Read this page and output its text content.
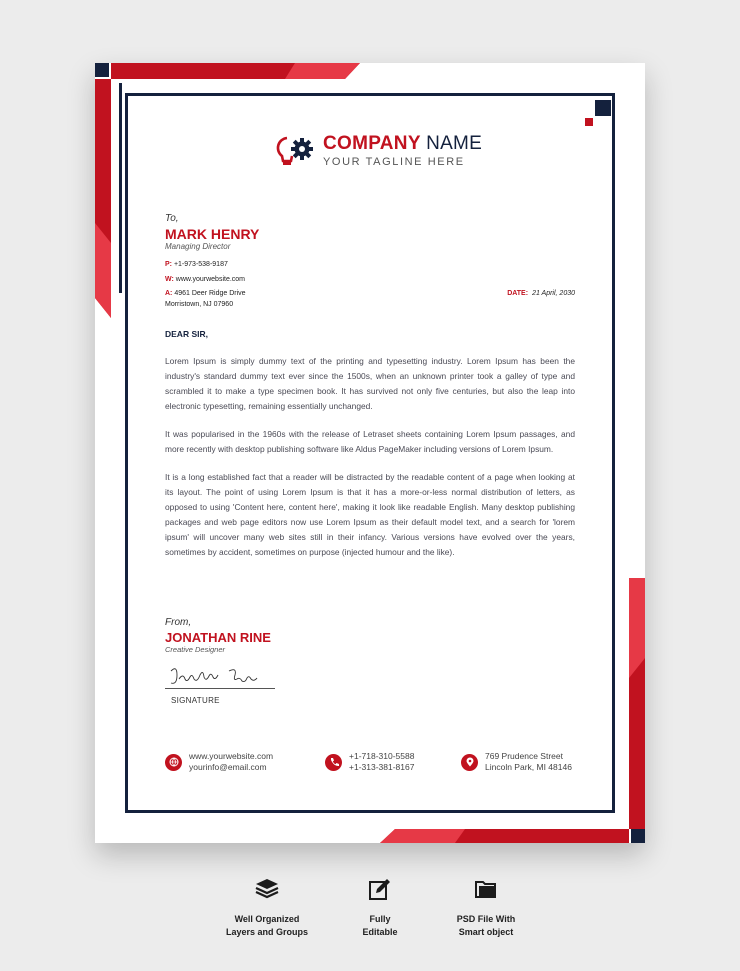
COMPANY NAME
YOUR TAGLINE HERE
To,
MARK HENRY
Managing Director
P: +1-973-538-9187
W: www.yourwebsite.com
A: 4961 Deer Ridge Drive
Morristown, NJ 07960
DATE: 21 April, 2030
DEAR SIR,

Lorem Ipsum is simply dummy text of the printing and typesetting industry. Lorem Ipsum has been the industry's standard dummy text ever since the 1500s, when an unknown printer took a galley of type and scrambled it to make a type specimen book. It has survived not only five centuries, but also the leap into electronic typesetting, remaining essentially unchanged.

It was popularised in the 1960s with the release of Letraset sheets containing Lorem Ipsum passages, and more recently with desktop publishing software like Aldus PageMaker including versions of Lorem Ipsum.

It is a long established fact that a reader will be distracted by the readable content of a page when looking at its layout. The point of using Lorem Ipsum is that it has a more-or-less normal distribution of letters, as opposed to using 'Content here, content here', making it look like readable English. Many desktop publishing packages and web page editors now use Lorem Ipsum as their default model text, and a search for 'lorem ipsum' will uncover many web sites still in their infancy. Various versions have evolved over the years, sometimes by accident, sometimes on purpose (injected humour and the like).

From,
JONATHAN RINE
Creative Designer
SIGNATURE
www.yourwebsite.com
yourinfo@email.com
+1-718-310-5588
+1-313-381-8167
769 Prudence Street
Lincoln Park, MI 48146
Well Organized
Layers and Groups
Fully
Editable
PSD File With
Smart object
